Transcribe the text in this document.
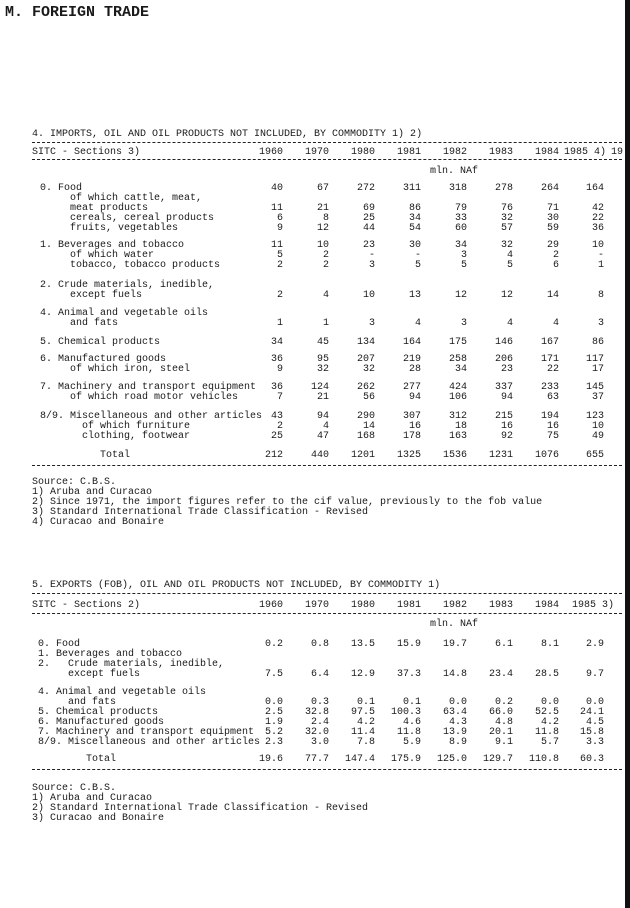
M. FOREIGN TRADE
4. IMPORTS, OIL AND OIL PRODUCTS NOT INCLUDED, BY COMMODITY 1) 2)
SITC - Sections 3)	1960	1970	1980	1981	1982	1983	1984 1985 4) 19
mln. NAf
0. Food	40	67	272	311	318	278	264	164
of which cattle, meat,
meat products	11	21	69	86	79	76	71	42
cereals, cereal products	6	8	25	34	33	32	30	22
fruits, vegetables	9	12	44	54	60	57	59	36
1. Beverages and tobacco	11	10	23	30	34	32	29	10
of which water	5	2	-	-	3	4	2	-
tobacco, tobacco products	2	2	3	5	5	5	6	1
2. Crude materials, inedible,
except fuels	2	4	10	13	12	12	14	8
4. Animal and vegetable oils
and fats	1	1	3	4	3	4	4	3
5. Chemical products	34	45	134	164	175	146	167	86
6. Manufactured goods	36	95	207	219	258	206	171	117
of which iron, steel	9	32	32	28	34	23	22	17
7. Machinery and transport equipment	36	124	262	277	424	337	233	145
of which road motor vehicles	7	21	56	94	106	94	63	37
8/9. Miscellaneous and other articles 43	94	290	307	312	215	194	123
of which furniture	2	4	14	16	18	16	16	10
clothing, footwear	25	47	168	178	163	92	75	49
Total	212	440	1201	1325	1536	1231	1076	655
Source: C.B.S.
1) Aruba and Curacao
2) Since 1971, the import figures refer to the cif value, previously to the fob value
3) Standard International Trade Classification - Revised
4) Curacao and Bonaire
5. EXPORTS (FOB), OIL AND OIL PRODUCTS NOT INCLUDED, BY COMMODITY 1)
SITC - Sections 2)	1960	1970	1980	1981	1982	1983	1984 1985 3)
mln. NAf
0. Food	0.2	0.8	13.5	15.9	19.7	6.1	8.1	2.9
1. Beverages and tobacco
2.   Crude materials, inedible,
except fuels	7.5	6.4	12.9	37.3	14.8	23.4	28.5	9.7
4. Animal and vegetable oils
and fats	0.0	0.3	0.1	0.1	0.0	0.2	0.0	0.0
5. Chemical products	2.5	32.8	97.5	100.3	63.4	66.0	52.5	24.1
6. Manufactured goods	1.9	2.4	4.2	4.6	4.3	4.8	4.2	4.5
7. Machinery and transport equipment	5.2	32.0	11.4	11.8	13.9	20.1	11.8	15.8
8/9. Miscellaneous and other articles 2.3	3.0	7.8	5.9	8.9	9.1	5.7	3.3
Total	19.6	77.7	147.4	175.9	125.0	129.7	110.8	60.3
Source: C.B.S.
1) Aruba and Curacao
2) Standard International Trade Classification - Revised
3) Curacao and Bonaire
